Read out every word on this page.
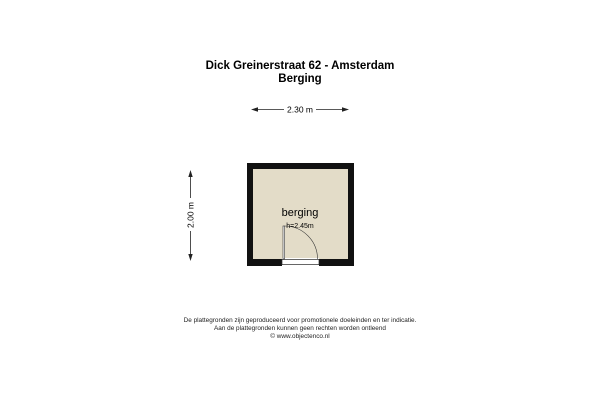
Dick Greinerstraat 62 - Amsterdam
Berging
2.30 m
2.00 m	berging
h=2.45m
De plattegronden zijn geproduceerd voor promotionele doeleinden en ter indicatie.
Aan de plattegronden kunnen geen rechten worden ontleend
© www.objectenco.nl
